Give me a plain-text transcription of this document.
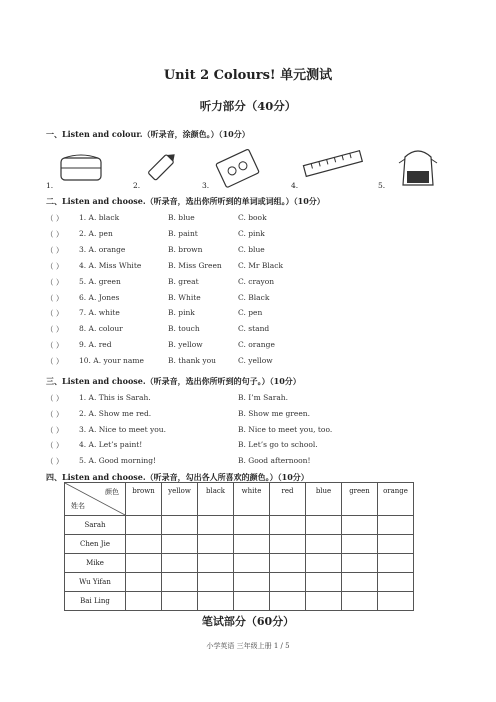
Unit 2 Colours! 单元测试
听力部分（40分）
一、Listen and colour.（听录音，涂颜色。）（10分）
1.	2.	3.	4.	5.
二、Listen and choose.（听录音，选出你所听到的单词或词组。）（10分）
（ ） 1. A. black	B. blue	C. book
（ ） 2. A. pen	B. paint	C. pink
（ ） 3. A. orange	B. brown	C. blue
（ ） 4. A. Miss White	B. Miss Green C. Mr Black
（ ） 5. A. green	B. great	C. crayon
（ ） 6. A. Jones	B. White	C. Black
（ ） 7. A. white	B. pink	C. pen
（ ） 8. A. colour	B. touch	C. stand
（ ） 9. A. red	B. yellow	C. orange
（ ） 10. A. your name	B. thank you	C. yellow
三、Listen and choose.（听录音，选出你所听到的句子。）（10分）
（ ） 1. A. This is Sarah.	B. I’m Sarah.
（ ） 2. A. Show me red.	B. Show me green.
（ ） 3. A. Nice to meet you.	B. Nice to meet you, too.
（ ） 4. A. Let’s paint!	B. Let’s go to school.
（ ） 5. A. Good morning!	B. Good afternoon!
四、Listen and choose.（听录音，勾出各人所喜欢的颜色。）（10分）
颜色
姓名	brown	yellow	black	white	red	blue	green	orange
Sarah								
Chen Jie								
Mike								
Wu Yifan								
Bai Ling								
笔试部分（60分）
小学英语 三年级上册 1 / 5
